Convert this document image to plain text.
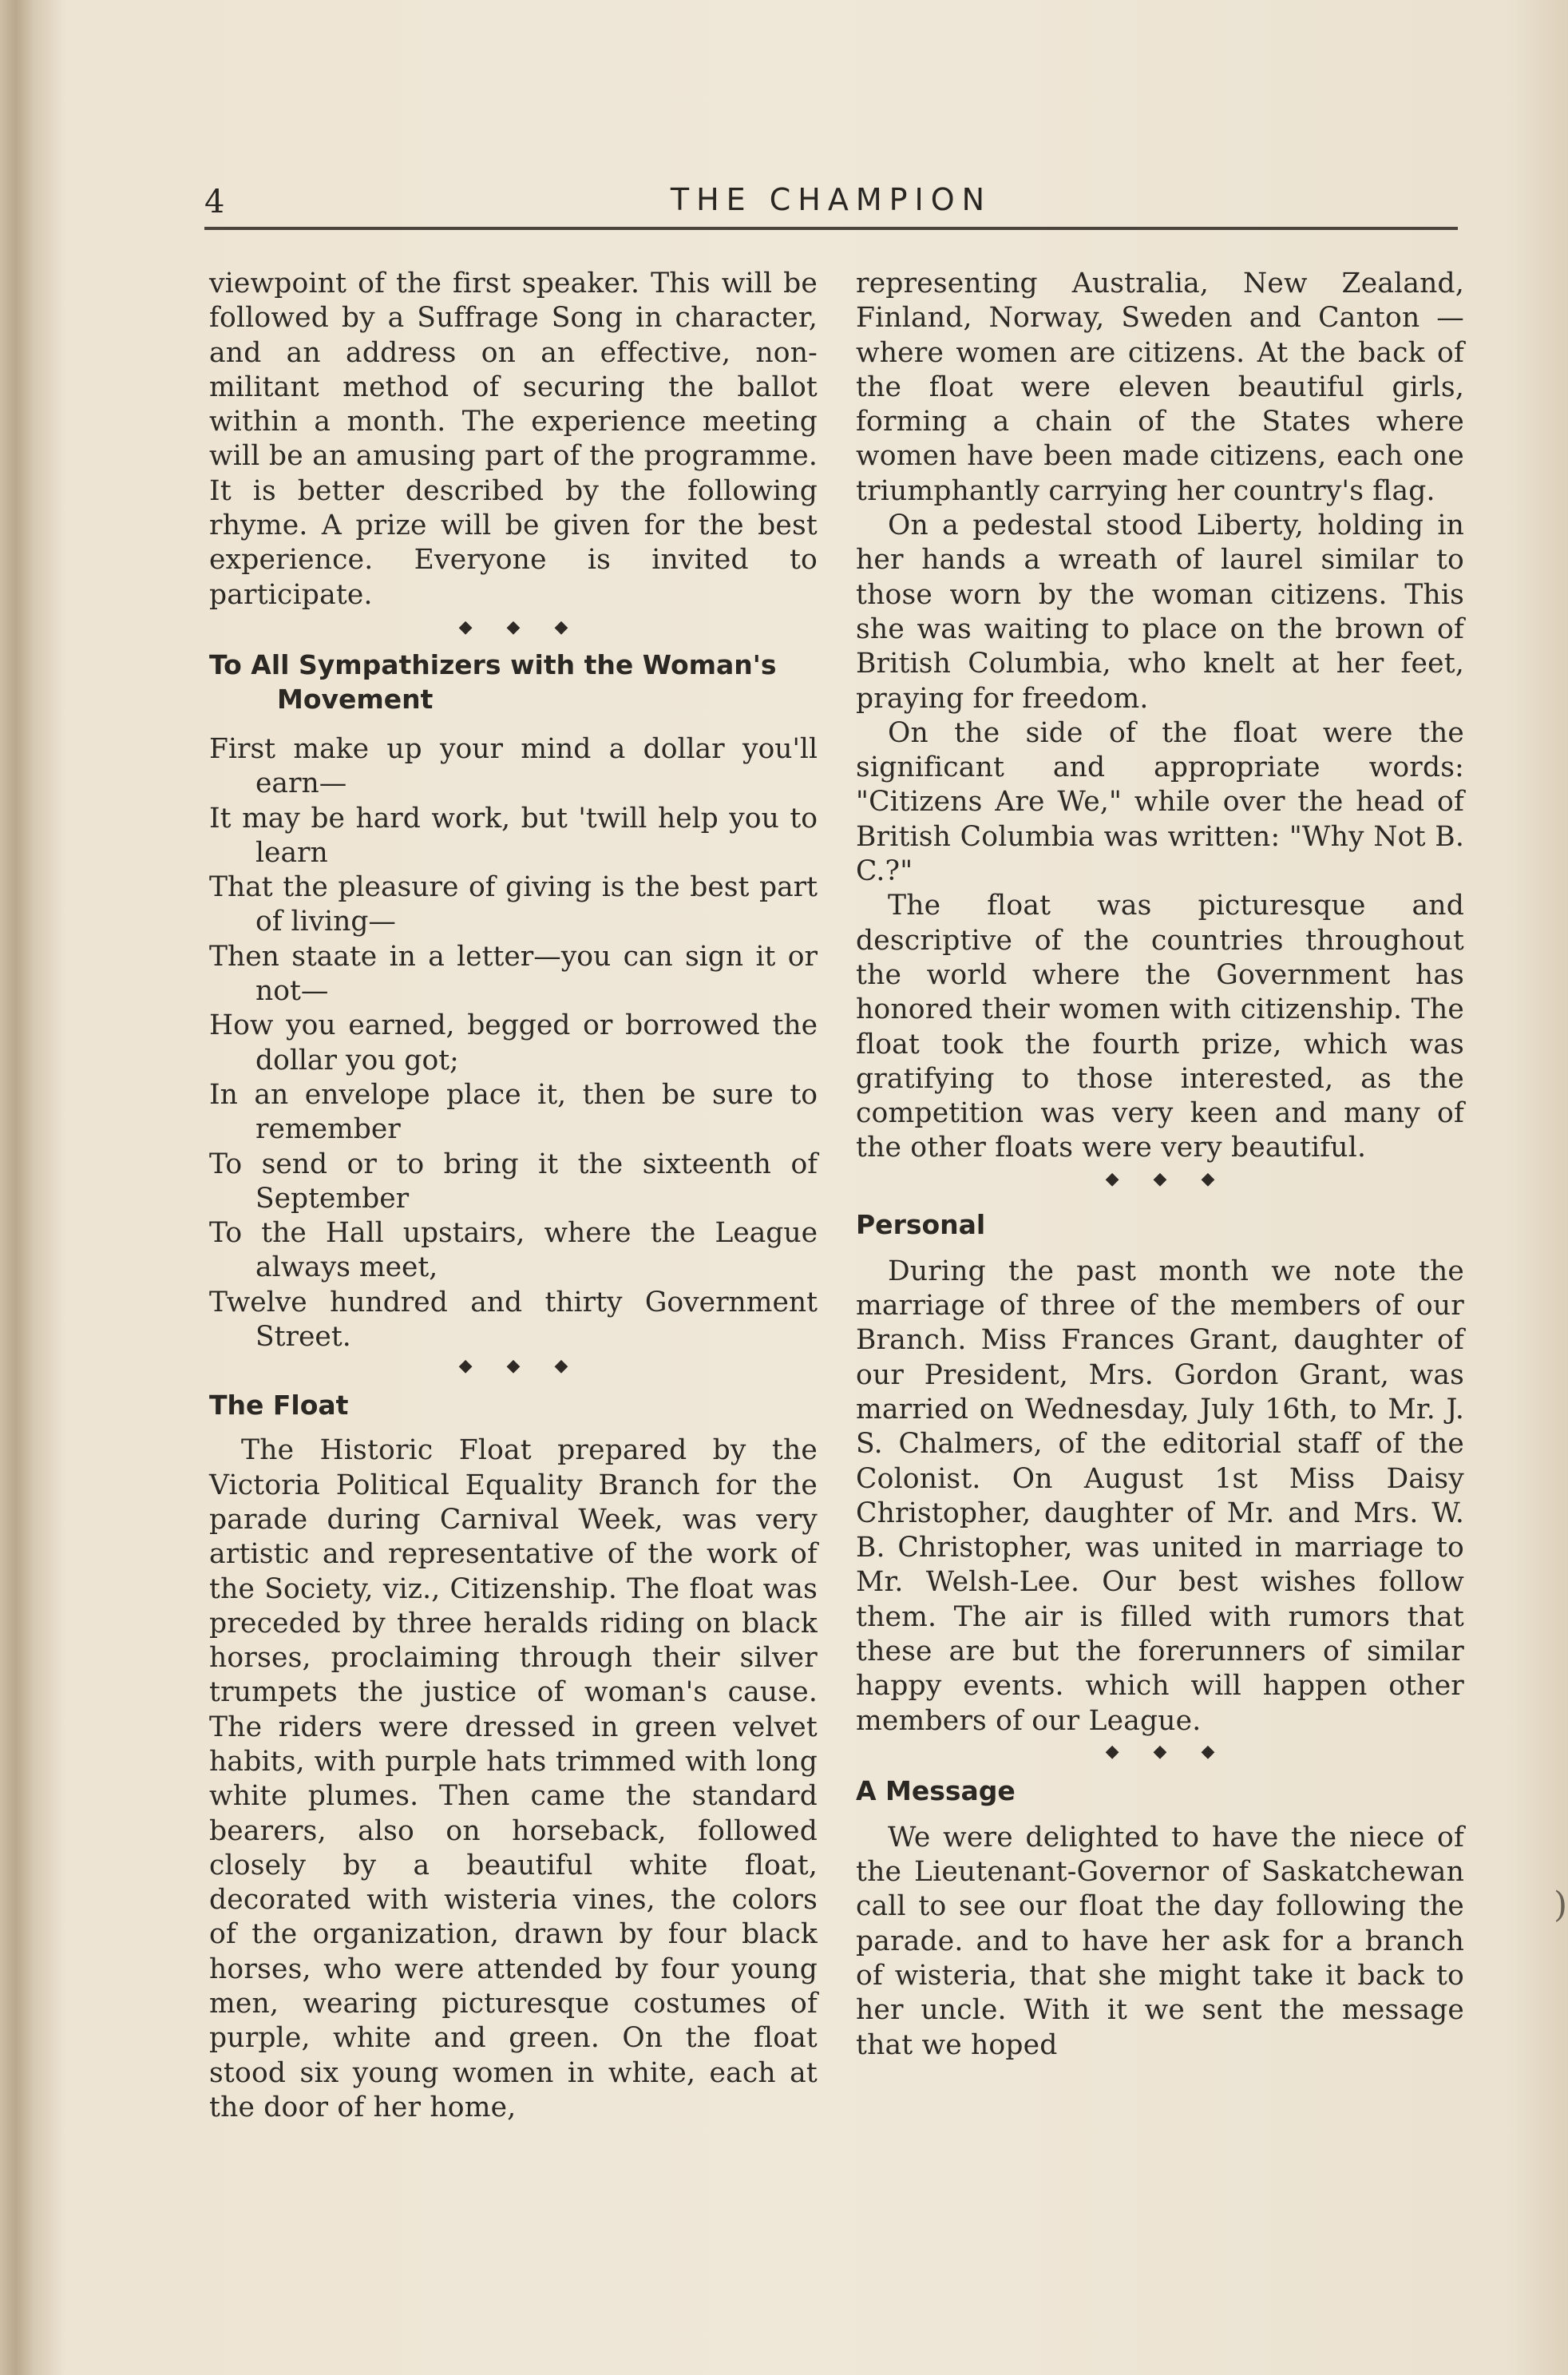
4	THE CHAMPION

viewpoint of the first speaker. This will be followed by a Suffrage Song in character, and an address on an effective, non-militant method of securing the ballot within a month. The experience meeting will be an amusing part of the programme. It is better described by the following rhyme. A prize will be given for the best experience. Everyone is invited to participate.

◆ ◆ ◆
To All Sympathizers with the Woman's
Movement
First make up your mind a dollar you'll earn—
It may be hard work, but 'twill help you to learn
That the pleasure of giving is the best part of living—
Then staate in a letter—you can sign it or not—
How you earned, begged or borrowed the dollar you got;
In an envelope place it, then be sure to remember
To send or to bring it the sixteenth of September
To the Hall upstairs, where the League always meet,
Twelve hundred and thirty Government Street.
◆ ◆ ◆
The Float

The Historic Float prepared by the Victoria Political Equality Branch for the parade during Carnival Week, was very artistic and representative of the work of the Society, viz., Citizenship. The float was preceded by three heralds riding on black horses, proclaiming through their silver trumpets the justice of woman's cause. The riders were dressed in green velvet habits, with purple hats trimmed with long white plumes. Then came the standard bearers, also on horseback, followed closely by a beautiful white float, decorated with wisteria vines, the colors of the organization, drawn by four black horses, who were attended by four young men, wearing picturesque costumes of purple, white and green. On the float stood six young women in white, each at the door of her home,

representing Australia, New Zealand, Finland, Norway, Sweden and Canton —where women are citizens. At the back of the float were eleven beautiful girls, forming a chain of the States where women have been made citizens, each one triumphantly carrying her country's flag.

On a pedestal stood Liberty, holding in her hands a wreath of laurel similar to those worn by the woman citizens. This she was waiting to place on the brown of British Columbia, who knelt at her feet, praying for freedom.

On the side of the float were the significant and appropriate words: "Citizens Are We," while over the head of British Columbia was written: "Why Not B. C.?"

The float was picturesque and descriptive of the countries throughout the world where the Government has honored their women with citizenship. The float took the fourth prize, which was gratifying to those interested, as the competition was very keen and many of the other floats were very beautiful.

◆ ◆ ◆
Personal

During the past month we note the marriage of three of the members of our Branch. Miss Frances Grant, daughter of our President, Mrs. Gordon Grant, was married on Wednesday, July 16th, to Mr. J. S. Chalmers, of the editorial staff of the Colonist. On August 1st Miss Daisy Christopher, daughter of Mr. and Mrs. W. B. Christopher, was united in marriage to Mr. Welsh-Lee. Our best wishes follow them. The air is filled with rumors that these are but the forerunners of similar happy events. which will happen other members of our League.

◆ ◆ ◆
A Message

We were delighted to have the niece of the Lieutenant-Governor of Saskatchewan call to see our float the day following the parade. and to have her ask for a branch of wisteria, that she might take it back to her uncle. With it we sent the message that we hoped

)
